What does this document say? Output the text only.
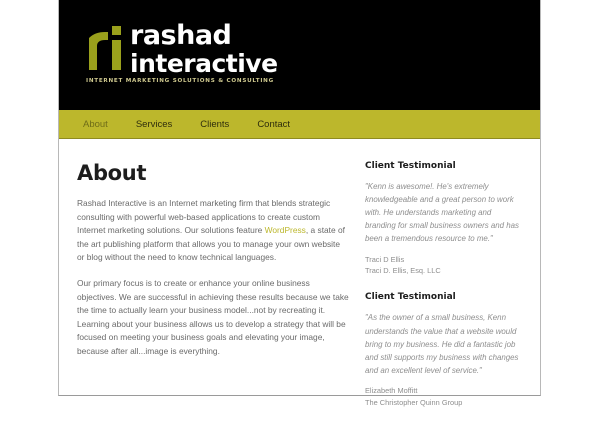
rashad
interactive
INTERNET MARKETING SOLUTIONS & CONSULTING
About	Services	Clients	Contact
About

Rashad Interactive is an Internet marketing firm that blends strategic consulting with powerful web-based applications to create custom Internet marketing solutions. Our solutions feature WordPress, a state of the art publishing platform that allows you to manage your own website or blog without the need to know technical languages.

Our primary focus is to create or enhance your online business objectives. We are successful in achieving these results because we take the time to actually learn your business model...not by recreating it. Learning about your business allows us to develop a strategy that will be focused on meeting your business goals and elevating your image, because after all...image is everything.

Client Testimonial

"Kenn is awesome!. He's extremely knowledgeable and a great person to work with. He understands marketing and branding for small business owners and has been a tremendous resource to me."

Traci D Ellis
Traci D. Ellis, Esq. LLC
Client Testimonial

"As the owner of a small business, Kenn understands the value that a website would bring to my business. He did a fantastic job and still supports my business with changes and an excellent level of service."

Elizabeth Moffitt
The Christopher Quinn Group
